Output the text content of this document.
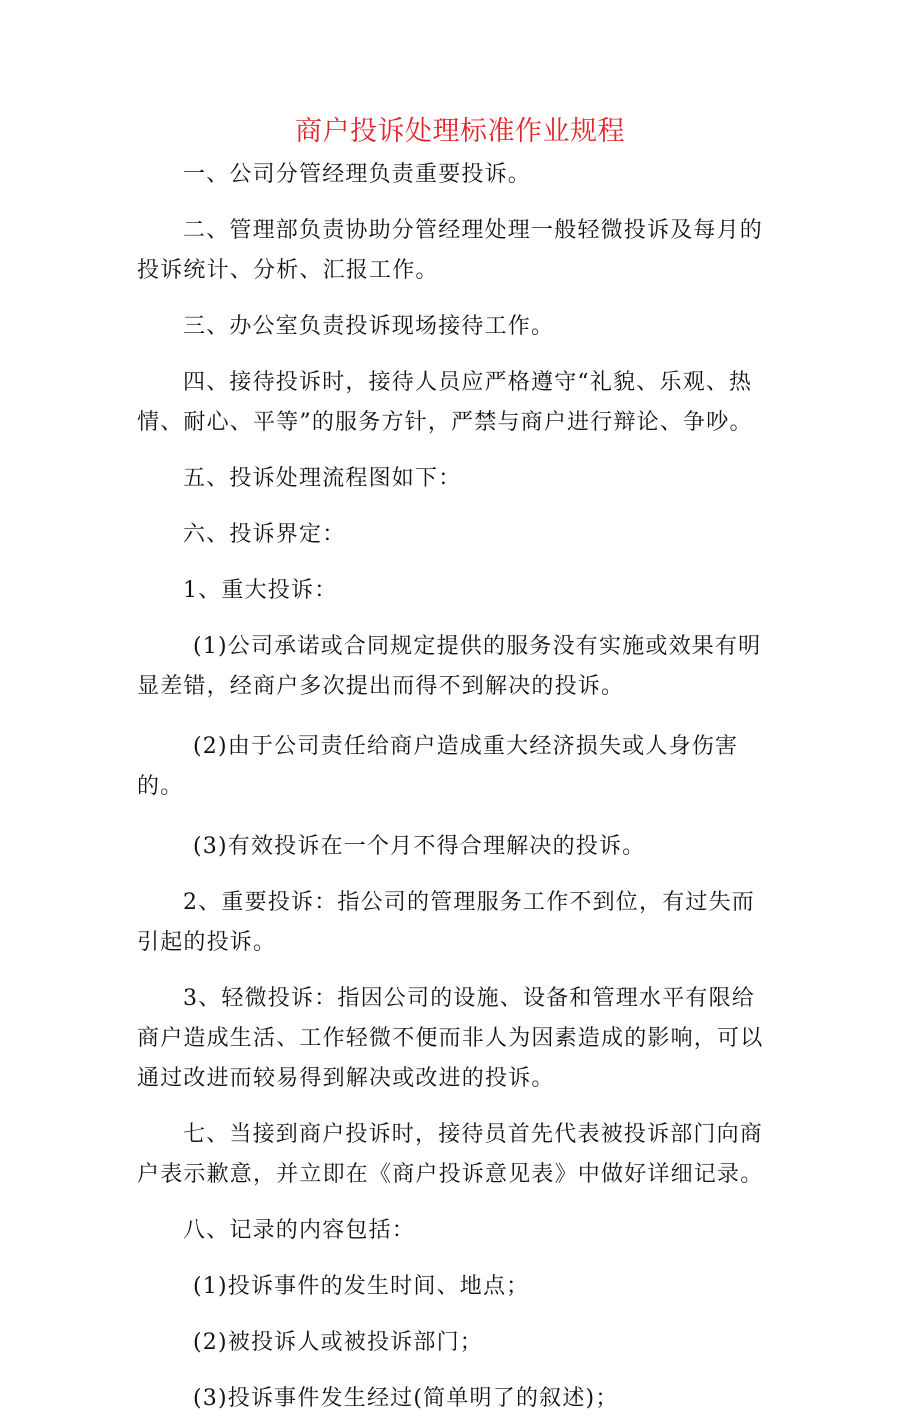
商户投诉处理标准作业规程

一、公司分管经理负责重要投诉。

二、管理部负责协助分管经理处理一般轻微投诉及每月的投诉统计、分析、汇报工作。

三、办公室负责投诉现场接待工作。

四、接待投诉时，接待人员应严格遵守“礼貌、乐观、热情、耐心、平等”的服务方针，严禁与商户进行辩论、争吵。

五、投诉处理流程图如下：

六、投诉界定：

1、重大投诉：

(1)公司承诺或合同规定提供的服务没有实施或效果有明显差错，经商户多次提出而得不到解决的投诉。

(2)由于公司责任给商户造成重大经济损失或人身伤害的。

(3)有效投诉在一个月不得合理解决的投诉。

2、重要投诉：指公司的管理服务工作不到位，有过失而引起的投诉。

3、轻微投诉：指因公司的设施、设备和管理水平有限给商户造成生活、工作轻微不便而非人为因素造成的影响，可以通过改进而较易得到解决或改进的投诉。

七、当接到商户投诉时，接待员首先代表被投诉部门向商户表示歉意，并立即在《商户投诉意见表》中做好详细记录。

八、记录的内容包括：

(1)投诉事件的发生时间、地点；

(2)被投诉人或被投诉部门；

(3)投诉事件发生经过(简单明了的叙述)；
